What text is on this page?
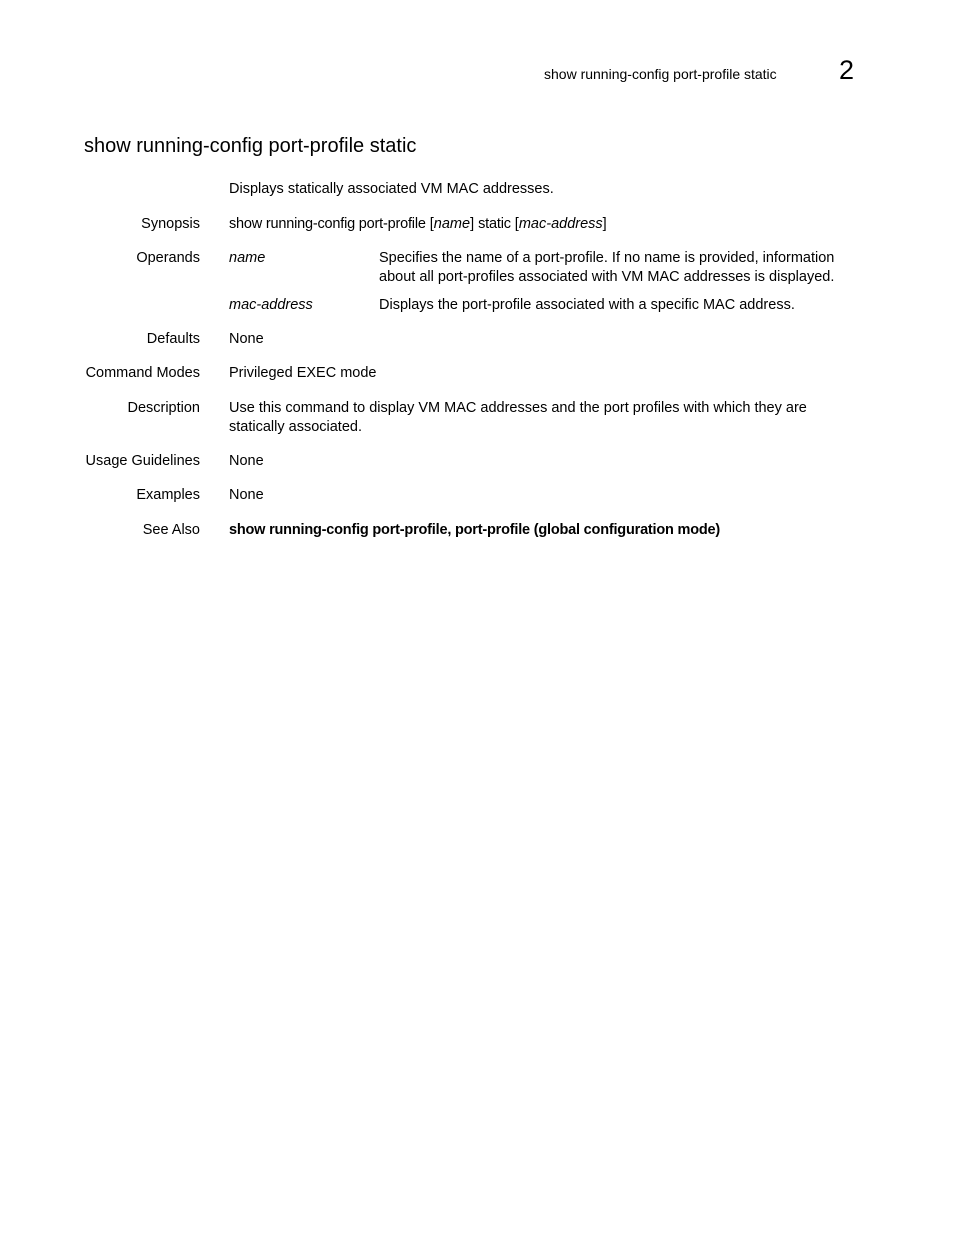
show running-config port-profile static 2
show running-config port-profile static
Displays statically associated VM MAC addresses.
Synopsis show running-config port-profile [name] static [mac-address]
Operands name	Specifies the name of a port-profile. If no name is provided, information about all port-profiles associated with VM MAC addresses is displayed.
mac-address	Displays the port-profile associated with a specific MAC address.
Defaults None
Command Modes Privileged EXEC mode
Description Use this command to display VM MAC addresses and the port profiles with which they are statically associated.
Usage Guidelines None
Examples None
See Also show running-config port-profile, port-profile (global configuration mode)
